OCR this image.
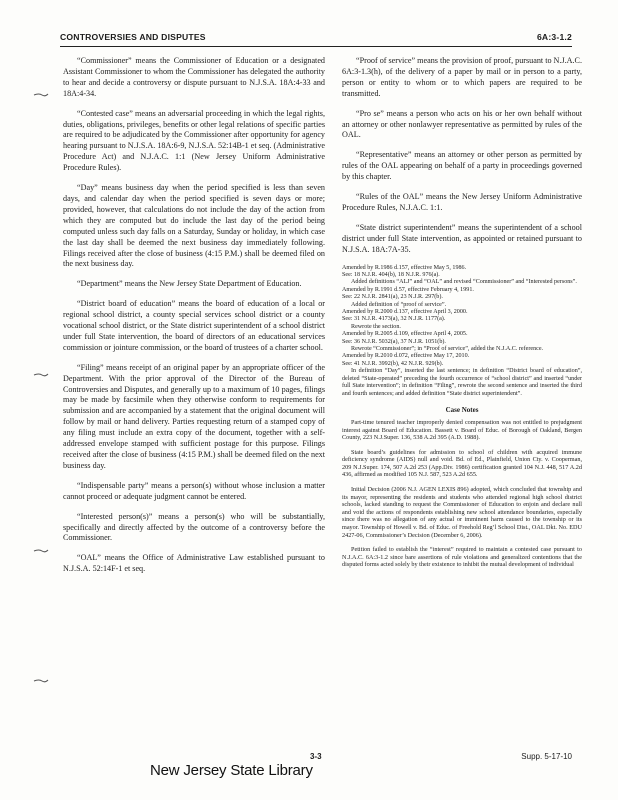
CONTROVERSIES AND DISPUTES	6A:3-1.2

“Commissioner” means the Commissioner of Education or a designated Assistant Commissioner to whom the Commissioner has delegated the authority to hear and decide a controversy or dispute pursuant to N.J.S.A. 18A:4-33 and 18A:4-34.

“Contested case” means an adversarial proceeding in which the legal rights, duties, obligations, privileges, benefits or other legal relations of specific parties are required to be adjudicated by the Commissioner after opportunity for agency hearing pursuant to N.J.S.A. 18A:6-9, N.J.S.A. 52:14B-1 et seq. (Administrative Procedure Act) and N.J.A.C. 1:1 (New Jersey Uniform Administrative Procedure Rules).

“Day” means business day when the period specified is less than seven days, and calendar day when the period specified is seven days or more; provided, however, that calculations do not include the day of the action from which they are computed but do include the last day of the period being computed unless such day falls on a Saturday, Sunday or holiday, in which case the last day shall be deemed the next business day immediately following. Filings received after the close of business (4:15 P.M.) shall be deemed filed on the next business day.

“Department” means the New Jersey State Department of Education.

“District board of education” means the board of education of a local or regional school district, a county special services school district or a county vocational school district, or the State district superintendent of a school district under full State intervention, the board of directors of an educational services commission or jointure commission, or the board of trustees of a charter school.

“Filing” means receipt of an original paper by an appropriate officer of the Department. With the prior approval of the Director of the Bureau of Controversies and Disputes, and generally up to a maximum of 10 pages, filings may be made by facsimile when they otherwise conform to requirements for submission and are accompanied by a statement that the original document will follow by mail or hand delivery. Parties requesting return of a stamped copy of any filing must include an extra copy of the document, together with a self-addressed envelope stamped with sufficient postage for this purpose. Filings received after the close of business (4:15 P.M.) shall be deemed filed on the next business day.

“Indispensable party” means a person(s) without whose inclusion a matter cannot proceed or adequate judgment cannot be entered.

“Interested person(s)” means a person(s) who will be substantially, specifically and directly affected by the outcome of a controversy before the Commissioner.

“OAL” means the Office of Administrative Law established pursuant to N.J.S.A. 52:14F-1 et seq.

“Proof of service” means the provision of proof, pursuant to N.J.A.C. 6A:3-1.3(h), of the delivery of a paper by mail or in person to a party, person or entity to whom or to which papers are required to be transmitted.

“Pro se” means a person who acts on his or her own behalf without an attorney or other nonlawyer representative as permitted by rules of the OAL.

“Representative” means an attorney or other person as permitted by rules of the OAL appearing on behalf of a party in proceedings governed by this chapter.

“Rules of the OAL” means the New Jersey Uniform Administrative Procedure Rules, N.J.A.C. 1:1.

“State district superintendent” means the superintendent of a school district under full State intervention, as appointed or retained pursuant to N.J.S.A. 18A:7A-35.

Amended by R.1986 d.157, effective May 5, 1986.

See: 18 N.J.R. 404(b), 18 N.J.R. 976(a).

Added definitions “ALJ” and “OAL” and revised “Commissioner” and “Interested persons”.

Amended by R.1991 d.57, effective February 4, 1991.

See: 22 N.J.R. 2841(a), 23 N.J.R. 297(b).

Added definition of “proof of service”.

Amended by R.2000 d.137, effective April 3, 2000.

See: 31 N.J.R. 4173(a), 32 N.J.R. 1177(a).

Rewrote the section.

Amended by R.2005 d.109, effective April 4, 2005.

See: 36 N.J.R. 5032(a), 37 N.J.R. 1051(b).

Rewrote “Commissioner”; in “Proof of service”, added the N.J.A.C. reference.

Amended by R.2010 d.072, effective May 17, 2010.

See: 41 N.J.R. 3992(b), 42 N.J.R. 929(b).

In definition “Day”, inserted the last sentence; in definition “District board of education”, deleted “State-operated” preceding the fourth occurrence of “school district” and inserted “under full State intervention”; in definition “Filing”, rewrote the second sentence and inserted the third and fourth sentences; and added definition “State district superintendent”.

Case Notes

Part-time tenured teacher improperly denied compensation was not entitled to prejudgment interest against Board of Education. Bassett v. Board of Educ. of Borough of Oakland, Bergen County, 223 N.J.Super. 136, 538 A.2d 395 (A.D. 1988).

State board’s guidelines for admission to school of children with acquired immune deficiency syndrome (AIDS) null and void. Bd. of Ed., Plainfield, Union Cty. v. Cooperman, 209 N.J.Super. 174, 507 A.2d 253 (App.Div. 1986) certification granted 104 N.J. 448, 517 A.2d 436, affirmed as modified 105 N.J. 587, 523 A.2d 655.

Initial Decision (2006 N.J. AGEN LEXIS 896) adopted, which concluded that township and its mayor, representing the residents and students who attended regional high school district schools, lacked standing to request the Commissioner of Education to enjoin and declare null and void the actions of respondents establishing new school attendance boundaries, especially since there was no allegation of any actual or imminent harm caused to the township or its mayor. Township of Howell v. Bd. of Educ. of Freehold Reg’l School Dist., OAL Dkt. No. EDU 2427-06, Commissioner’s Decision (December 6, 2006).

Petition failed to establish the “interest” required to maintain a contested case pursuant to N.J.A.C. 6A:3-1.2 since bare assertions of rule violations and generalized contentions that the disputed forms acted solely by their existence to inhibit the mutual development of individual

3-3	Supp. 5-17-10
New Jersey State Library
